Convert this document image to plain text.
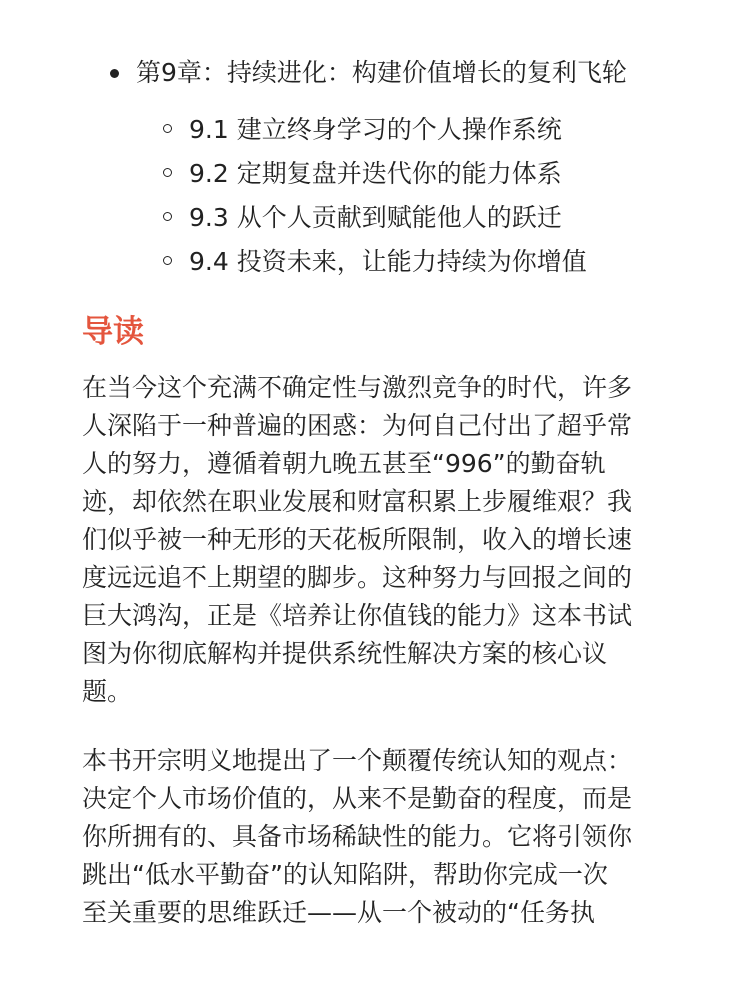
第9章：持续进化：构建价值增长的复利飞轮
9.1 建立终身学习的个人操作系统
9.2 定期复盘并迭代你的能力体系
9.3 从个人贡献到赋能他人的跃迁
9.4 投资未来，让能力持续为你增值
导读

在当今这个充满不确定性与激烈竞争的时代，许多
人深陷于一种普遍的困惑：为何自己付出了超乎常
人的努力，遵循着朝九晚五甚至“996”的勤奋轨
迹，却依然在职业发展和财富积累上步履维艰？我
们似乎被一种无形的天花板所限制，收入的增长速
度远远追不上期望的脚步。这种努力与回报之间的
巨大鸿沟，正是《培养让你值钱的能力》这本书试
图为你彻底解构并提供系统性解决方案的核心议
题。

本书开宗明义地提出了一个颠覆传统认知的观点：
决定个人市场价值的，从来不是勤奋的程度，而是
你所拥有的、具备市场稀缺性的能力。它将引领你
跳出“低水平勤奋”的认知陷阱，帮助你完成一次
至关重要的思维跃迁——从一个被动的“任务执
